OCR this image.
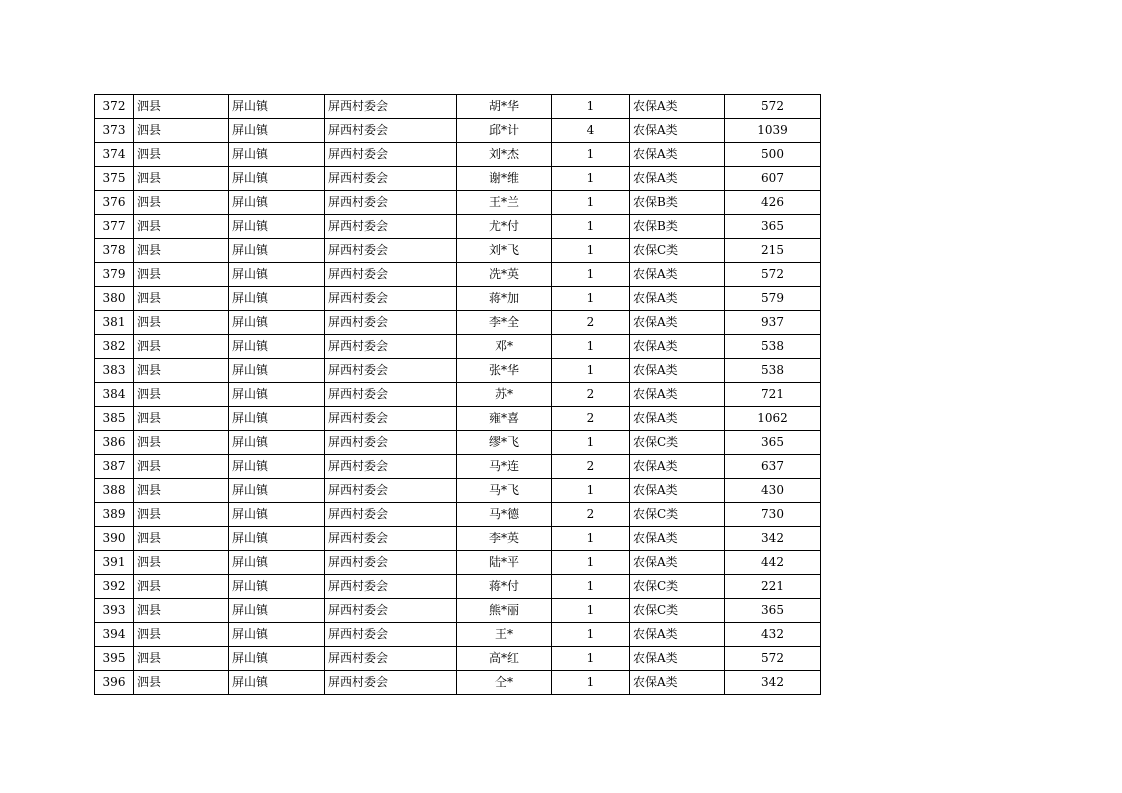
372	泗县	屏山镇	屏西村委会	胡*华	1	农保A类	572
373	泗县	屏山镇	屏西村委会	邱*计	4	农保A类	1039
374	泗县	屏山镇	屏西村委会	刘*杰	1	农保A类	500
375	泗县	屏山镇	屏西村委会	谢*维	1	农保A类	607
376	泗县	屏山镇	屏西村委会	王*兰	1	农保B类	426
377	泗县	屏山镇	屏西村委会	尤*付	1	农保B类	365
378	泗县	屏山镇	屏西村委会	刘*飞	1	农保C类	215
379	泗县	屏山镇	屏西村委会	冼*英	1	农保A类	572
380	泗县	屏山镇	屏西村委会	蒋*加	1	农保A类	579
381	泗县	屏山镇	屏西村委会	李*全	2	农保A类	937
382	泗县	屏山镇	屏西村委会	邓*	1	农保A类	538
383	泗县	屏山镇	屏西村委会	张*华	1	农保A类	538
384	泗县	屏山镇	屏西村委会	苏*	2	农保A类	721
385	泗县	屏山镇	屏西村委会	雍*喜	2	农保A类	1062
386	泗县	屏山镇	屏西村委会	缪*飞	1	农保C类	365
387	泗县	屏山镇	屏西村委会	马*连	2	农保A类	637
388	泗县	屏山镇	屏西村委会	马*飞	1	农保A类	430
389	泗县	屏山镇	屏西村委会	马*德	2	农保C类	730
390	泗县	屏山镇	屏西村委会	李*英	1	农保A类	342
391	泗县	屏山镇	屏西村委会	陆*平	1	农保A类	442
392	泗县	屏山镇	屏西村委会	蒋*付	1	农保C类	221
393	泗县	屏山镇	屏西村委会	熊*丽	1	农保C类	365
394	泗县	屏山镇	屏西村委会	王*	1	农保A类	432
395	泗县	屏山镇	屏西村委会	高*红	1	农保A类	572
396	泗县	屏山镇	屏西村委会	仝*	1	农保A类	342
